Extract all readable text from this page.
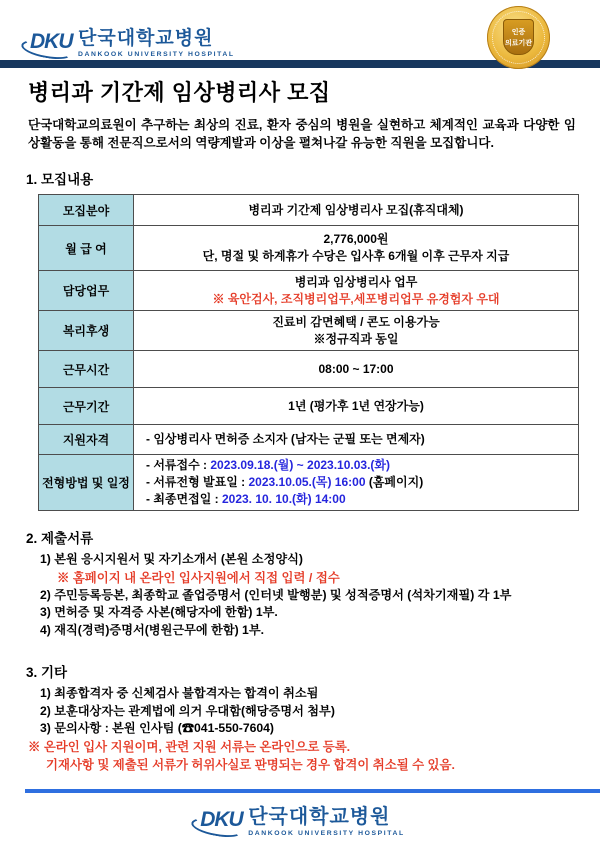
DKU 단국대학교병원
DANKOOK UNIVERSITY HOSPITAL
인증
의료기관
병리과 기간제 임상병리사 모집
단국대학교의료원이 추구하는 최상의 진료, 환자 중심의 병원을 실현하고 체계적인 교육과 다양한 임상활동을 통해 전문직으로서의 역량계발과 이상을 펼쳐나갈 유능한 직원을 모집합니다.
1. 모집내용
모집분야	병리과 기간제 임상병리사 모집(휴직대체)

월 급 여	2,776,000원
단, 명절 및 하계휴가 수당은 입사후 6개월 이후 근무자 지급

담당업무	병리과 임상병리사 업무
※ 육안검사, 조직병리업무,세포병리업무 유경험자 우대

복리후생	진료비 감면혜택 / 콘도 이용가능
※정규직과 동일

근무시간	08:00 ~ 17:00

근무기간	1년 (평가후 1년 연장가능)

지원자격	- 임상병리사 면허증 소지자 (남자는 군필 또는 면제자)

전형방법 및 일정	- 서류접수 : 2023.09.18.(월) ~ 2023.10.03.(화)
- 서류전형 발표일 : 2023.10.05.(목) 16:00 (홈페이지)
- 최종면접일 : 2023. 10. 10.(화) 14:00
2. 제출서류
1) 본원 응시지원서 및 자기소개서 (본원 소정양식)
※ 홈페이지 내 온라인 입사지원에서 직접 입력 / 접수
2) 주민등록등본, 최종학교 졸업증명서 (인터넷 발행분) 및 성적증명서 (석차기재필) 각 1부
3) 면허증 및 자격증 사본(해당자에 한함) 1부.
4) 재직(경력)증명서(병원근무에 한함) 1부.
3. 기타
1) 최종합격자 중 신체검사 불합격자는 합격이 취소됨
2) 보훈대상자는 관계법에 의거 우대함(해당증명서 첨부)
3) 문의사항 : 본원 인사팀 (☎041-550-7604)
※ 온라인 입사 지원이며, 관련 지원 서류는 온라인으로 등록.
기재사항 및 제출된 서류가 허위사실로 판명되는 경우 합격이 취소될 수 있음.
DKU 단국대학교병원
DANKOOK UNIVERSITY HOSPITAL
